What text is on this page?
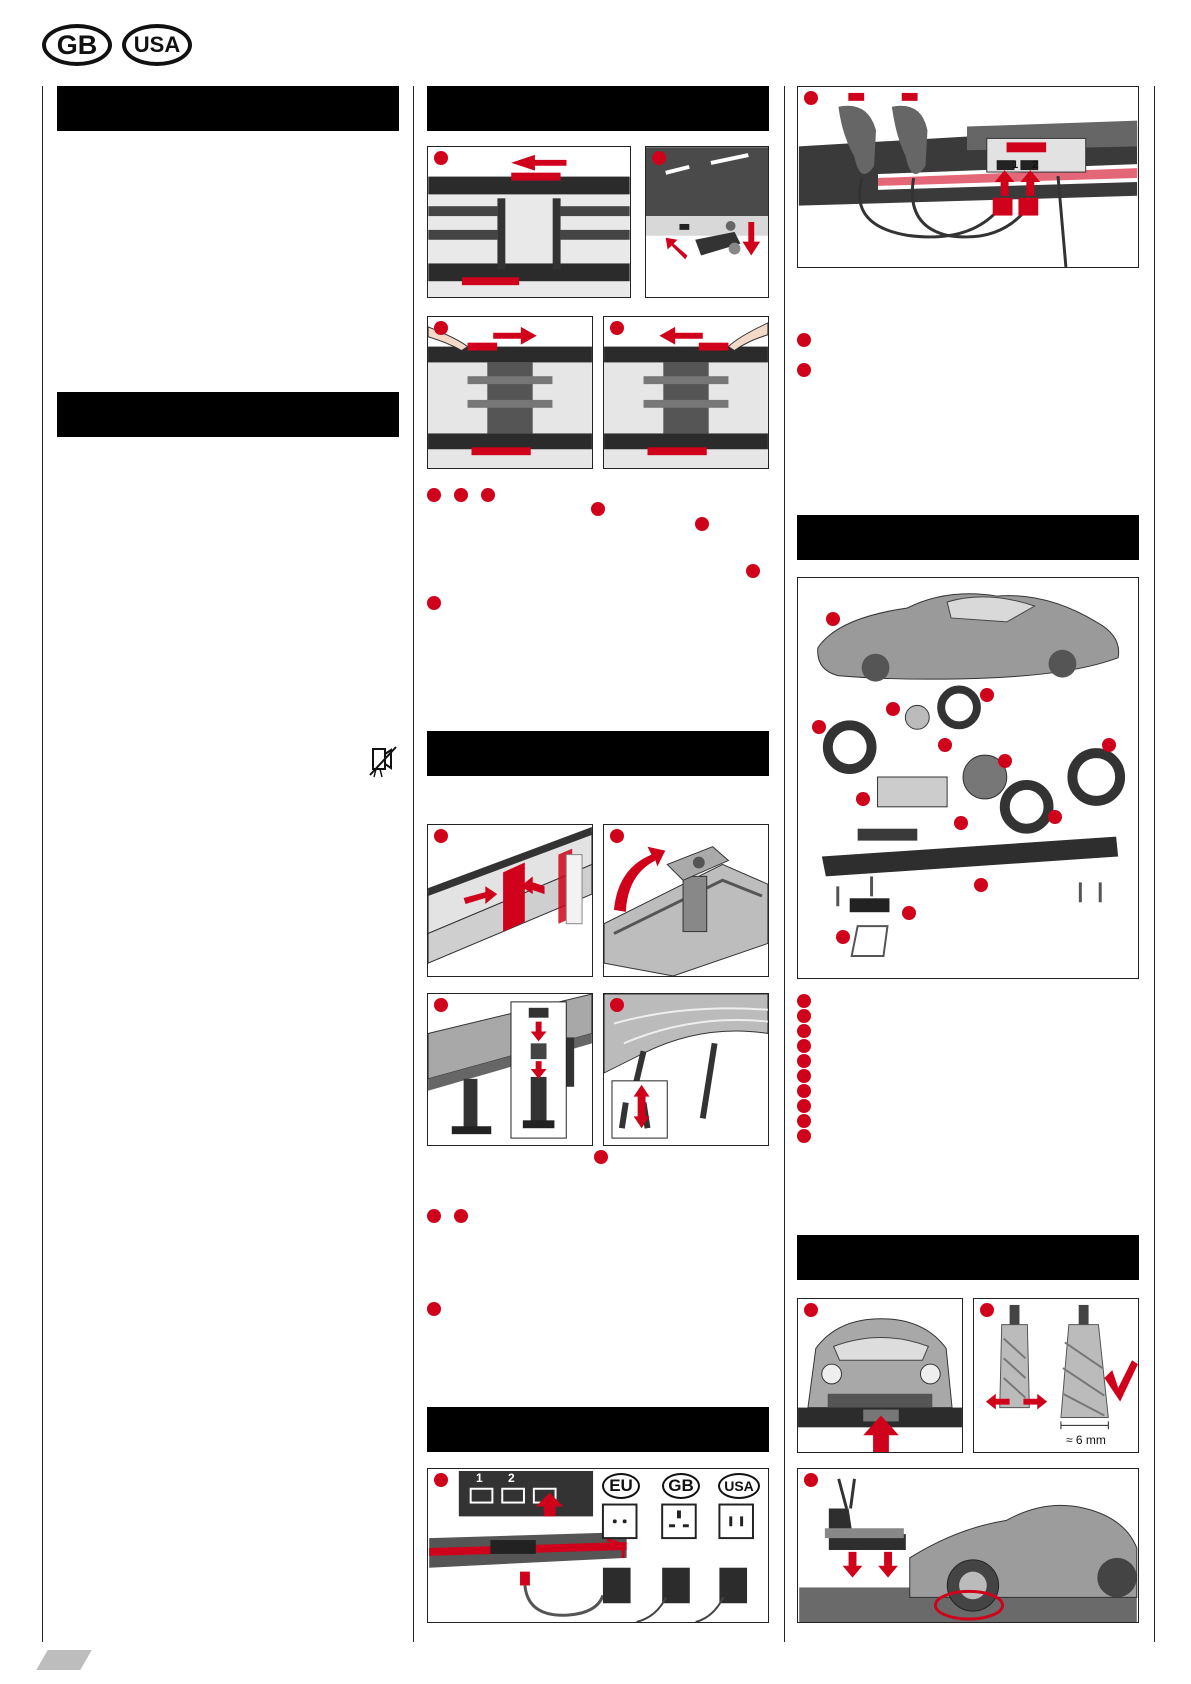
GB USA
1 2	EU GB USA
1 2
≈ 6 mm
